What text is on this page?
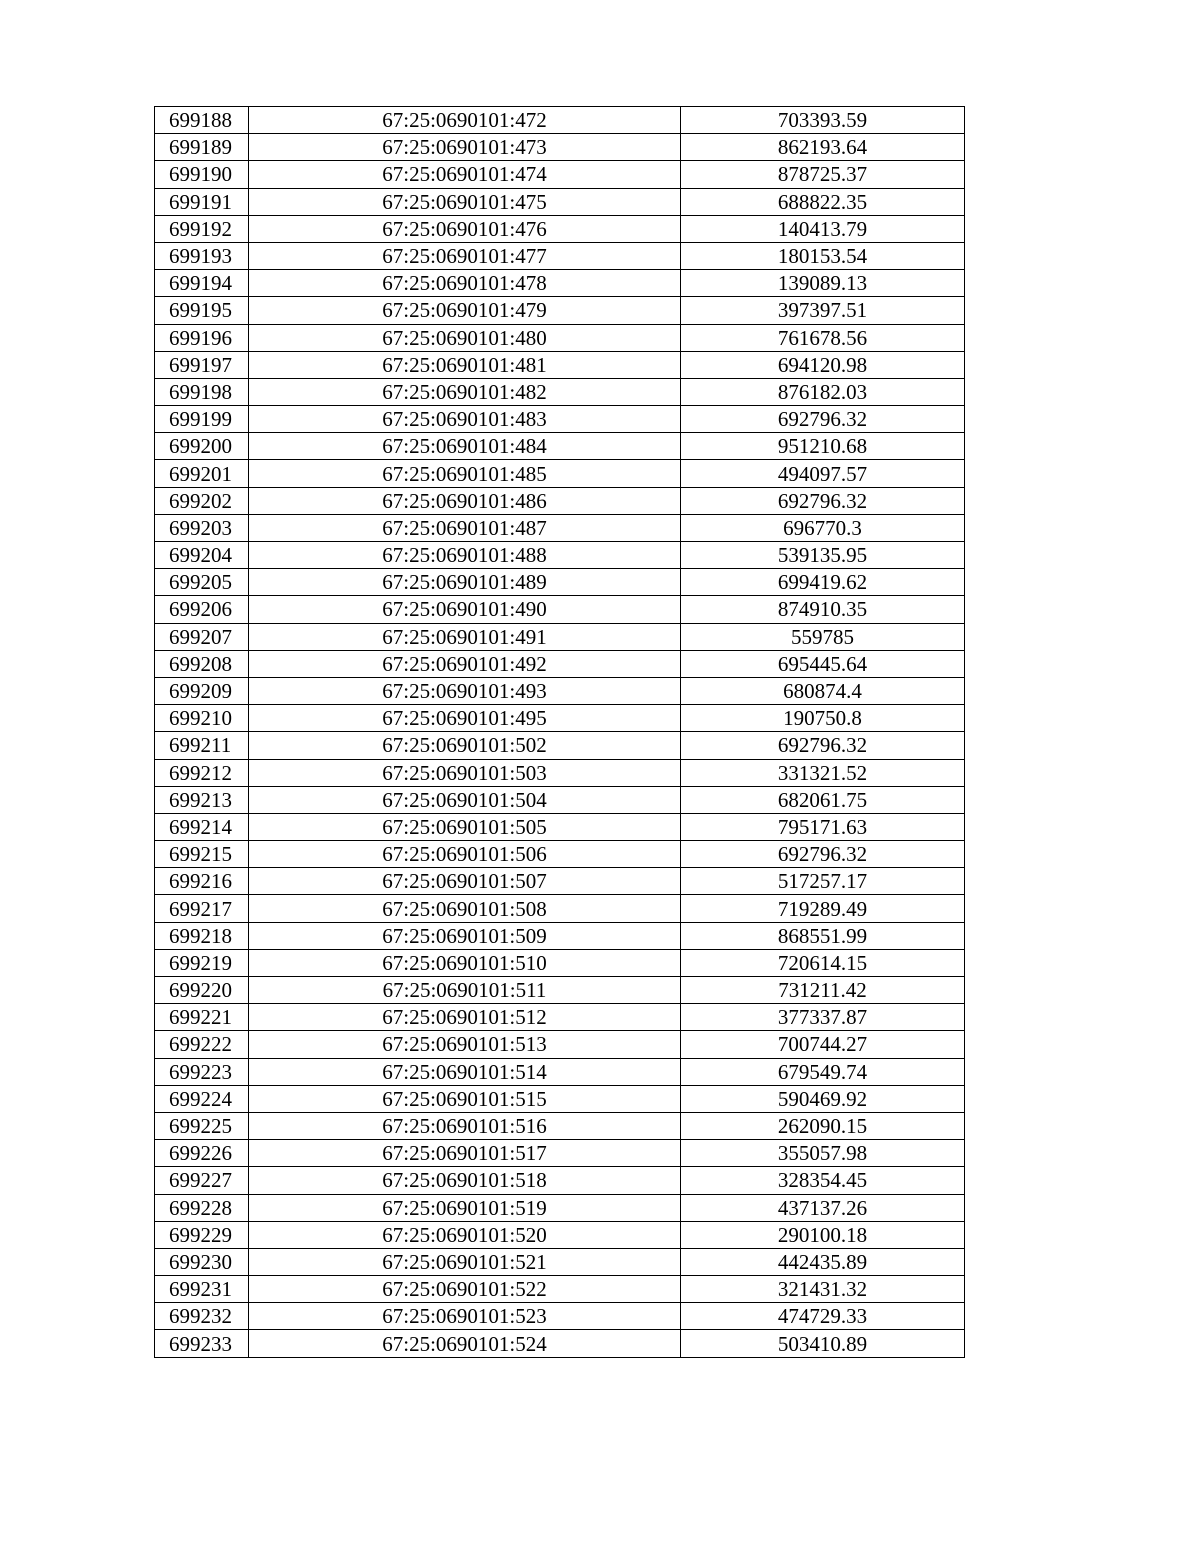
699188	67:25:0690101:472	703393.59
699189	67:25:0690101:473	862193.64
699190	67:25:0690101:474	878725.37
699191	67:25:0690101:475	688822.35
699192	67:25:0690101:476	140413.79
699193	67:25:0690101:477	180153.54
699194	67:25:0690101:478	139089.13
699195	67:25:0690101:479	397397.51
699196	67:25:0690101:480	761678.56
699197	67:25:0690101:481	694120.98
699198	67:25:0690101:482	876182.03
699199	67:25:0690101:483	692796.32
699200	67:25:0690101:484	951210.68
699201	67:25:0690101:485	494097.57
699202	67:25:0690101:486	692796.32
699203	67:25:0690101:487	696770.3
699204	67:25:0690101:488	539135.95
699205	67:25:0690101:489	699419.62
699206	67:25:0690101:490	874910.35
699207	67:25:0690101:491	559785
699208	67:25:0690101:492	695445.64
699209	67:25:0690101:493	680874.4
699210	67:25:0690101:495	190750.8
699211	67:25:0690101:502	692796.32
699212	67:25:0690101:503	331321.52
699213	67:25:0690101:504	682061.75
699214	67:25:0690101:505	795171.63
699215	67:25:0690101:506	692796.32
699216	67:25:0690101:507	517257.17
699217	67:25:0690101:508	719289.49
699218	67:25:0690101:509	868551.99
699219	67:25:0690101:510	720614.15
699220	67:25:0690101:511	731211.42
699221	67:25:0690101:512	377337.87
699222	67:25:0690101:513	700744.27
699223	67:25:0690101:514	679549.74
699224	67:25:0690101:515	590469.92
699225	67:25:0690101:516	262090.15
699226	67:25:0690101:517	355057.98
699227	67:25:0690101:518	328354.45
699228	67:25:0690101:519	437137.26
699229	67:25:0690101:520	290100.18
699230	67:25:0690101:521	442435.89
699231	67:25:0690101:522	321431.32
699232	67:25:0690101:523	474729.33
699233	67:25:0690101:524	503410.89
